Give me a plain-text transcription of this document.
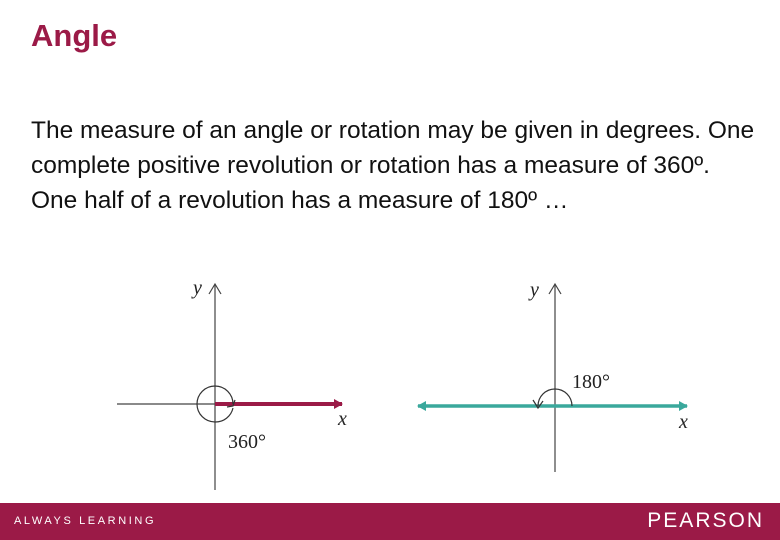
Angle
The measure of an angle or rotation may be given in degrees. One complete positive revolution or rotation has a measure of 360º. One half of a revolution has a measure of 180º …
y
x
360°
y
x
180°
ALWAYS LEARNING	PEARSON
